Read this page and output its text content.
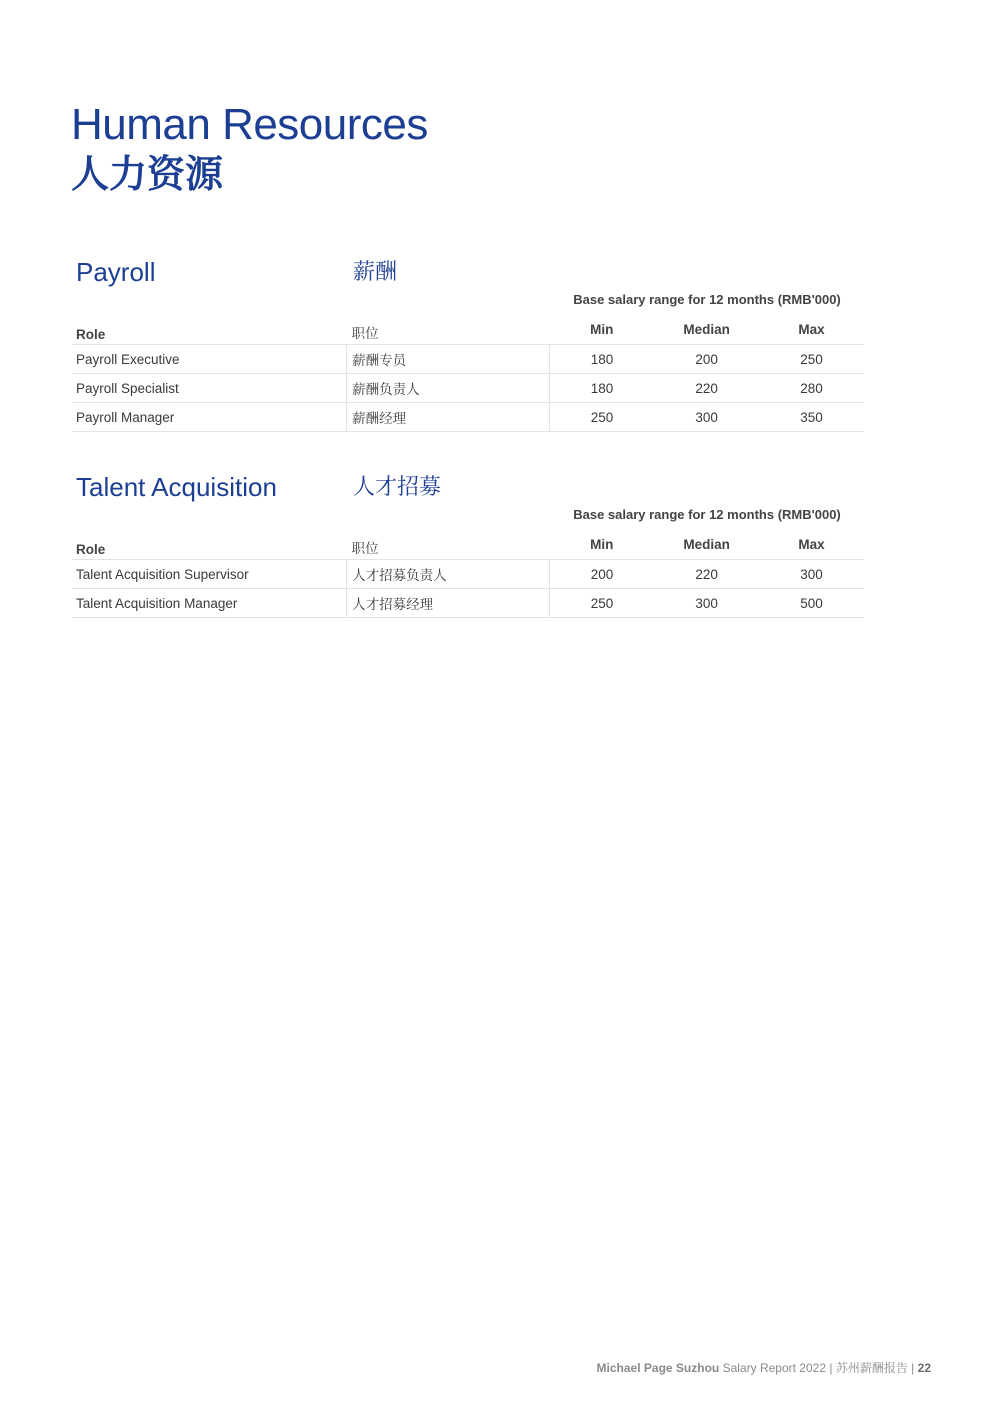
Human Resources
人力资源
Payroll	薪酬
Base salary range for 12 months (RMB'000)
Role	职位	Min	Median	Max
Payroll Executive	薪酬专员	180	200	250
Payroll Specialist	薪酬负责人	180	220	280
Payroll Manager	薪酬经理	250	300	350
Talent Acquisition	人才招募
Base salary range for 12 months (RMB'000)
Role	职位	Min	Median	Max
Talent Acquisition Supervisor	人才招募负责人	200	220	300
Talent Acquisition Manager	人才招募经理	250	300	500
Michael Page Suzhou Salary Report 2022 | 苏州薪酬报告 | 22
